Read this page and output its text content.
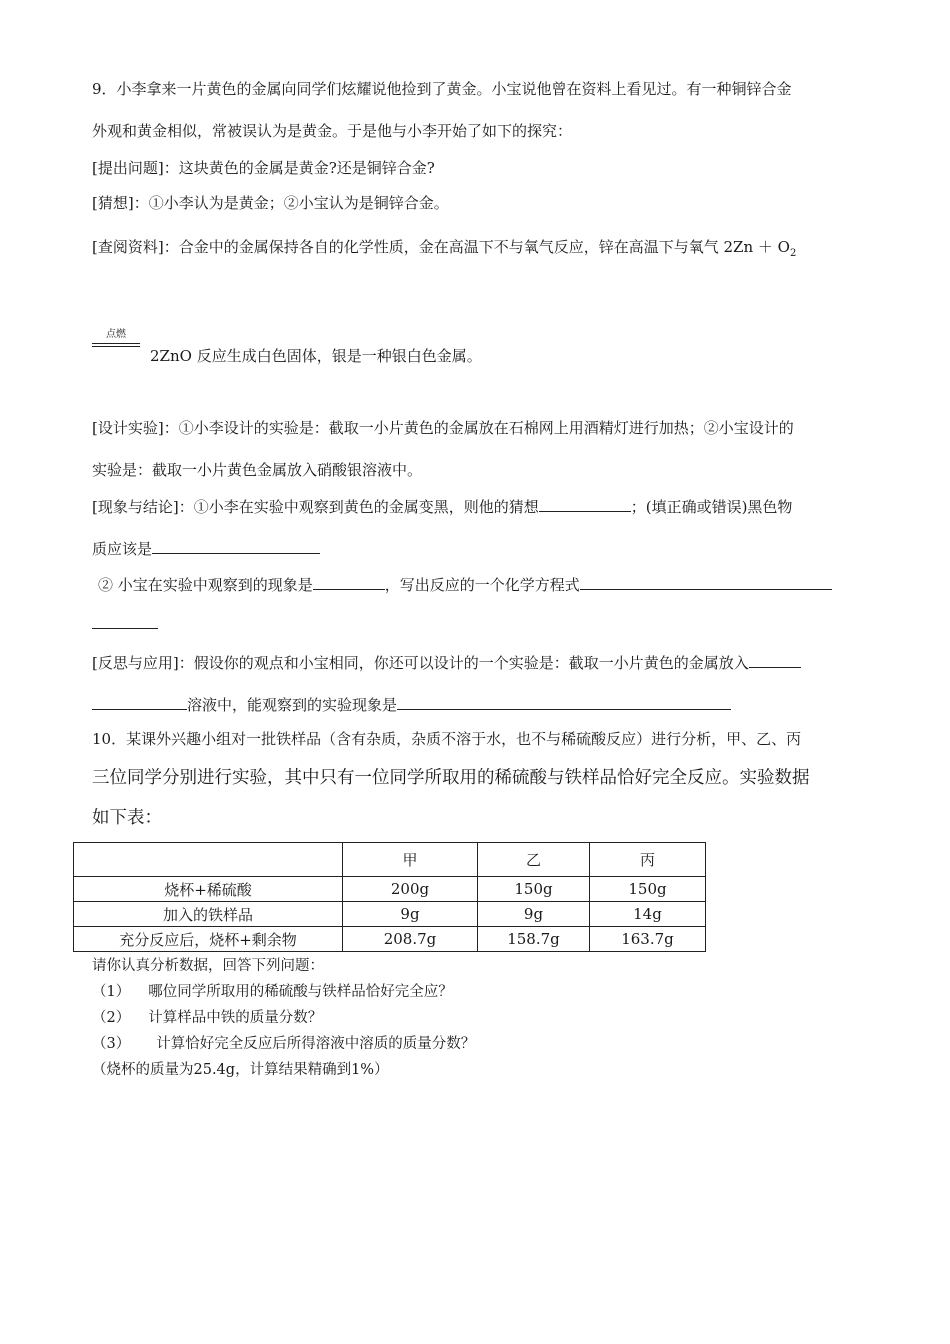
9．小李拿来一片黄色的金属向同学们炫耀说他捡到了黄金。小宝说他曾在资料上看见过。有一种铜锌合金
外观和黄金相似，常被误认为是黄金。于是他与小李开始了如下的探究：
[提出问题]：这块黄色的金属是黄金?还是铜锌合金?
[猜想]：①小李认为是黄金；②小宝认为是铜锌合金。
[查阅资料]：合金中的金属保持各自的化学性质，金在高温下不与氧气反应，锌在高温下与氧气 $2Zn + O_2$
点燃
2ZnO 反应生成白色固体，银是一种银白色金属。
[设计实验]：①小李设计的实验是：截取一小片黄色的金属放在石棉网上用酒精灯进行加热；②小宝设计的
实验是：截取一小片黄色金属放入硝酸银溶液中。
[现象与结论]：①小李在实验中观察到黄色的金属变黑，则他的猜想	；(填正确或错误)黑色物
质应该是
② 小宝在实验中观察到的现象是	，写出反应的一个化学方程式
[反思与应用]：假设你的观点和小宝相同，你还可以设计的一个实验是：截取一小片黄色的金属放入
溶液中，能观察到的实验现象是
10．某课外兴趣小组对一批铁样品（含有杂质，杂质不溶于水，也不与稀硫酸反应）进行分析，甲、乙、丙
三位同学分别进行实验，其中只有一位同学所取用的稀硫酸与铁样品恰好完全反应。实验数据
如下表：
	甲	乙	丙
烧杯+稀硫酸	200g	150g	150g
加入的铁样品	9g	9g	14g
充分反应后，烧杯+剩余物	208.7g	158.7g	163.7g
请你认真分析数据，回答下列问题：
（1） 哪位同学所取用的稀硫酸与铁样品恰好完全应？
（2） 计算样品中铁的质量分数？
（3） 计算恰好完全反应后所得溶液中溶质的质量分数？
（烧杯的质量为25.4g，计算结果精确到1%）
